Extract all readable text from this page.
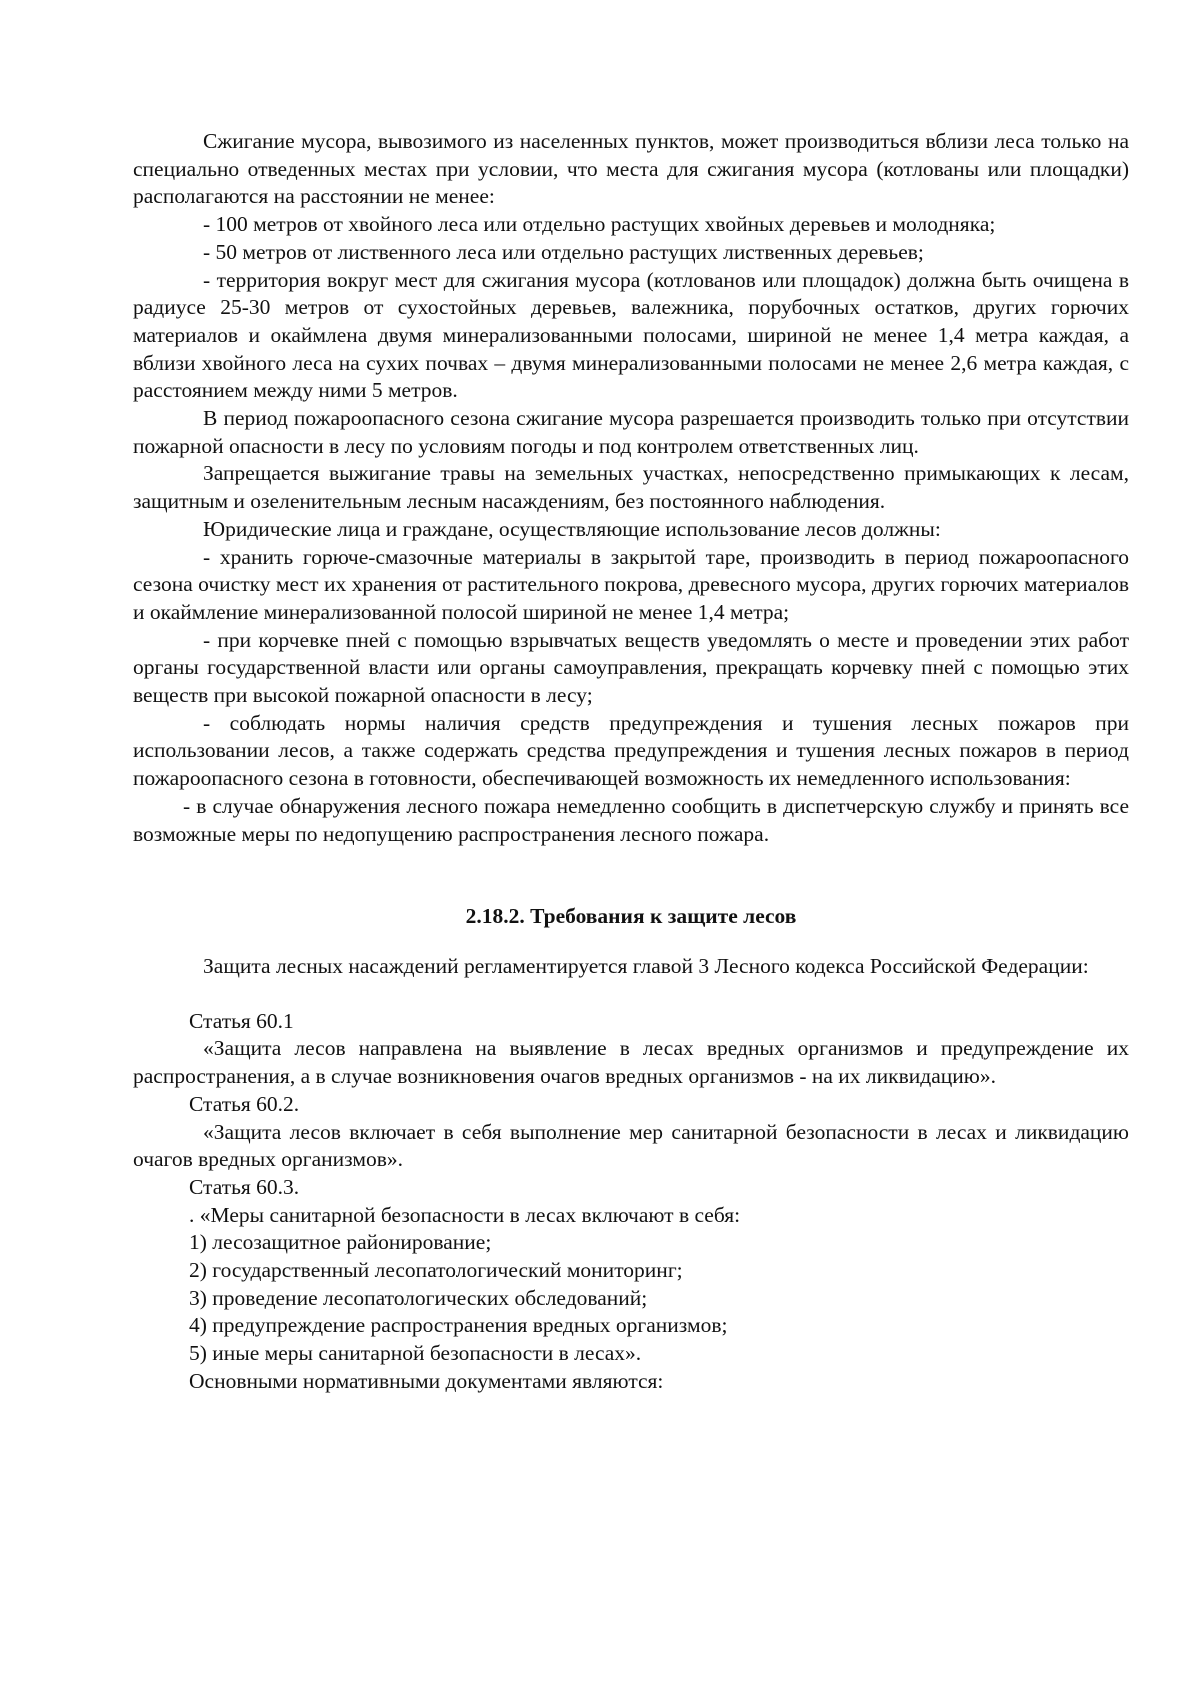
Сжигание мусора, вывозимого из населенных пунктов, может производиться вблизи леса только на специально отведенных местах при условии, что места для сжигания мусора (котлованы или площадки) располагаются на расстоянии не менее:

- 100 метров от хвойного леса или отдельно растущих хвойных деревьев и молодняка;

- 50 метров от лиственного леса или отдельно растущих лиственных деревьев;

- территория вокруг мест для сжигания мусора (котлованов или площадок) должна быть очищена в радиусе 25-30 метров от сухостойных деревьев, валежника, порубочных остатков, других горючих материалов и окаймлена двумя минерализованными полосами, шириной не менее 1,4 метра каждая, а вблизи хвойного леса на сухих почвах – двумя минерализованными полосами не менее 2,6 метра каждая, с расстоянием между ними 5 метров.

В период пожароопасного сезона сжигание мусора разрешается производить только при отсутствии пожарной опасности в лесу по условиям погоды и под контролем ответственных лиц.

Запрещается выжигание травы на земельных участках, непосредственно примыкающих к лесам, защитным и озеленительным лесным насаждениям, без постоянного наблюдения.

Юридические лица и граждане, осуществляющие использование лесов должны:

- хранить горюче-смазочные материалы в закрытой таре, производить в период пожароопасного сезона очистку мест их хранения от растительного покрова, древесного мусора, других горючих материалов и окаймление минерализованной полосой шириной не менее 1,4 метра;

- при корчевке пней с помощью взрывчатых веществ уведомлять о месте и проведении этих работ органы государственной власти или органы самоуправления, прекращать корчевку пней с помощью этих веществ при высокой пожарной опасности в лесу;

- соблюдать нормы наличия средств предупреждения и тушения лесных пожаров при использовании лесов, а также содержать средства предупреждения и тушения лесных пожаров в период пожароопасного сезона в готовности, обеспечивающей возможность их немедленного использования:

- в случае обнаружения лесного пожара немедленно сообщить в диспетчерскую службу и принять все возможные меры по недопущению распространения лесного пожара.

2.18.2. Требования к защите лесов

Защита лесных насаждений регламентируется главой 3 Лесного кодекса Российской Федерации:

Статья 60.1

«Защита лесов направлена на выявление в лесах вредных организмов и предупреждение их распространения, а в случае возникновения очагов вредных организмов - на их ликвидацию».

Статья 60.2.

«Защита лесов включает в себя выполнение мер санитарной безопасности в лесах и ликвидацию очагов вредных организмов».

Статья 60.3.

. «Меры санитарной безопасности в лесах включают в себя:

1) лесозащитное районирование;

2) государственный лесопатологический мониторинг;

3) проведение лесопатологических обследований;

4) предупреждение распространения вредных организмов;

5) иные меры санитарной безопасности в лесах».

Основными нормативными документами являются:
